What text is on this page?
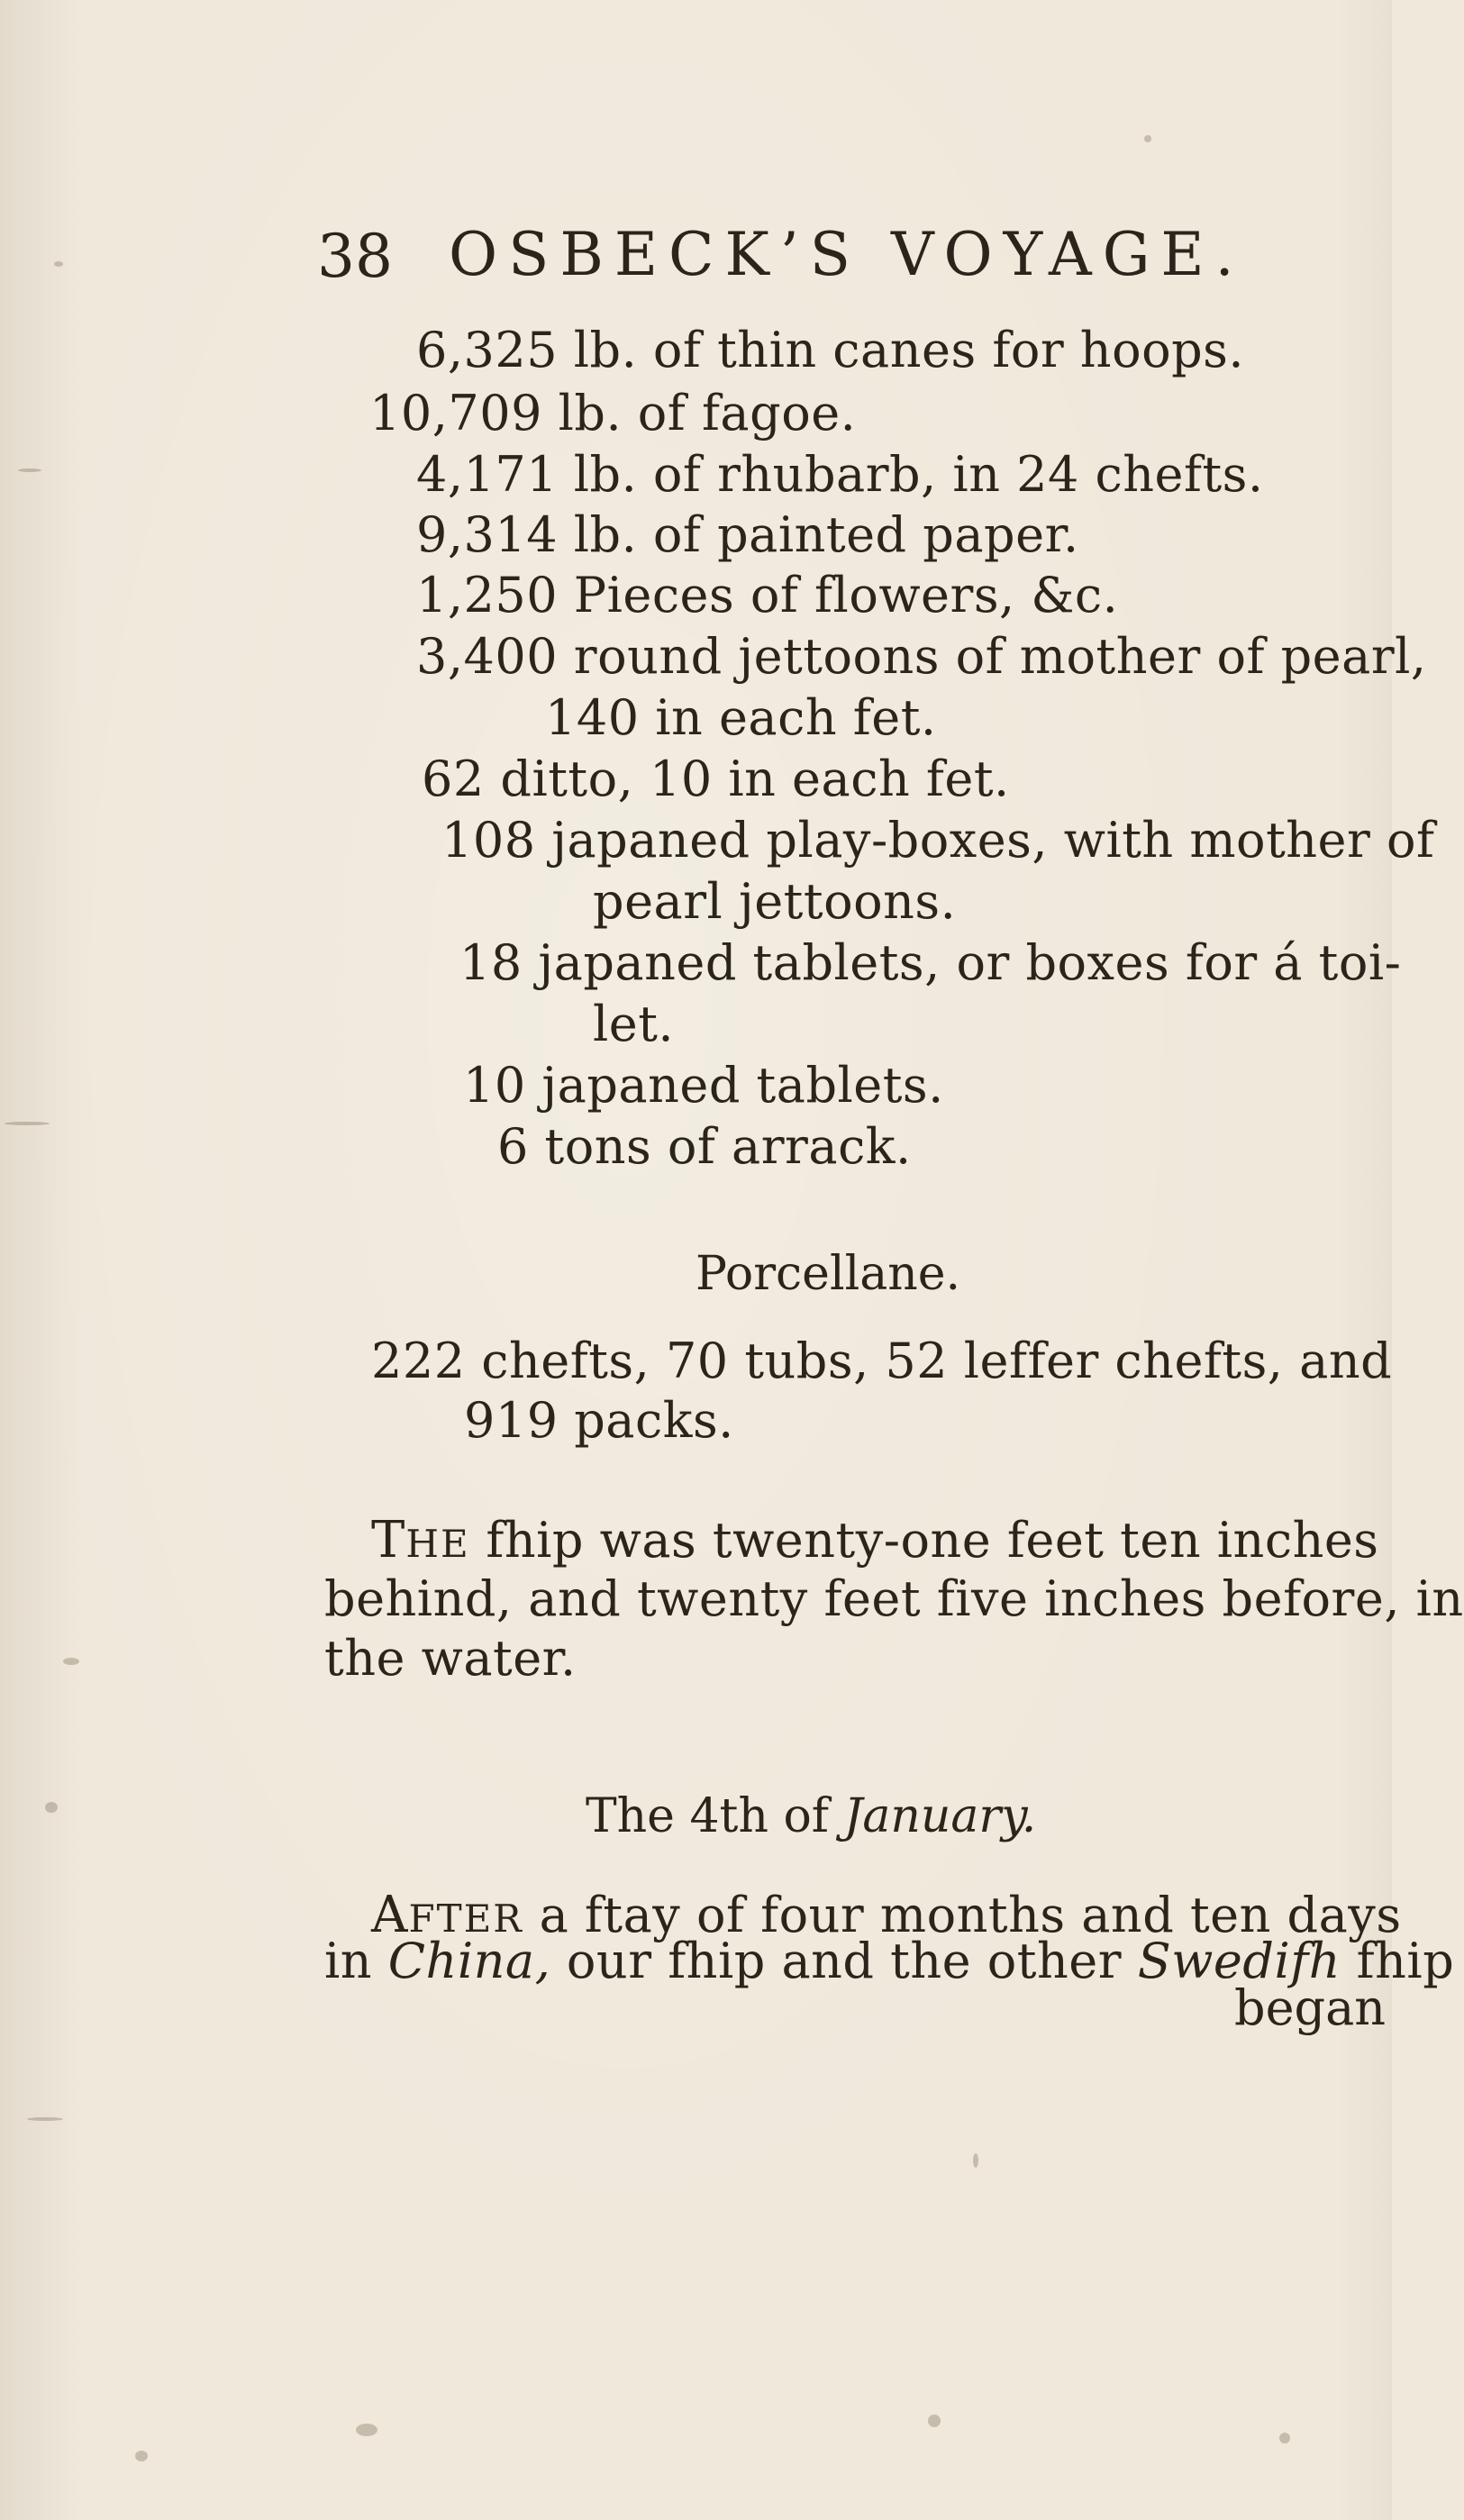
38 OSBECK’S VOYAGE.
6,325 lb. of thin canes for hoops.
10,709 lb. of fagoe.
4,171 lb. of rhubarb, in 24 chefts.
9,314 lb. of painted paper.
1,250 Pieces of flowers, &c.
3,400 round jettoons of mother of pearl,
140 in each fet.
62 ditto, 10 in each fet.
108 japaned play-boxes, with mother of
pearl jettoons.
18 japaned tablets, or boxes for á toi-
let.
10 japaned tablets.
6 tons of arrack.
Porcellane.
222 chefts, 70 tubs, 52 leffer chefts, and
919 packs.
THE fhip was twenty-one feet ten inches
behind, and twenty feet five inches before, in
the water.
The 4th of January.
AFTER a ftay of four months and ten days
in China, our fhip and the other Swedifh fhip
began
